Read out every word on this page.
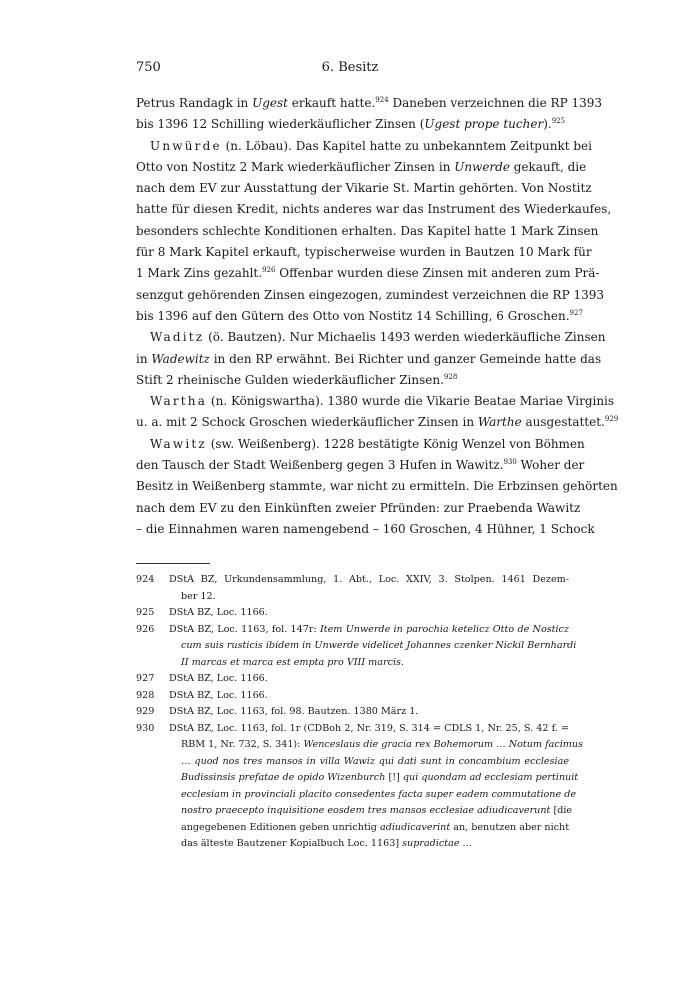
750	6. Besitz
Petrus Randagk in Ugest erkauft hatte.$^{924}$ Daneben verzeichnen die RP 1393
bis 1396 12 Schilling wiederkäuflicher Zinsen (Ugest prope tucher).$^{925}$
Unwürde (n. Löbau). Das Kapitel hatte zu unbekanntem Zeitpunkt bei
Otto von Nostitz 2 Mark wiederkäuflicher Zinsen in Unwerde gekauft, die
nach dem EV zur Ausstattung der Vikarie St. Martin gehörten. Von Nostitz
hatte für diesen Kredit, nichts anderes war das Instrument des Wiederkaufes,
besonders schlechte Konditionen erhalten. Das Kapitel hatte 1 Mark Zinsen
für 8 Mark Kapitel erkauft, typischerweise wurden in Bautzen 10 Mark für
1 Mark Zins gezahlt.$^{926}$ Offenbar wurden diese Zinsen mit anderen zum Prä-
senzgut gehörenden Zinsen eingezogen, zumindest verzeichnen die RP 1393
bis 1396 auf den Gütern des Otto von Nostitz 14 Schilling, 6 Groschen.$^{927}$
Waditz (ö. Bautzen). Nur Michaelis 1493 werden wiederkäufliche Zinsen
in Wadewitz in den RP erwähnt. Bei Richter und ganzer Gemeinde hatte das
Stift 2 rheinische Gulden wiederkäuflicher Zinsen.$^{928}$
Wartha (n. Königswartha). 1380 wurde die Vikarie Beatae Mariae Virginis
u. a. mit 2 Schock Groschen wiederkäuflicher Zinsen in Warthe ausgestattet.$^{929}$
Wawitz (sw. Weißenberg). 1228 bestätigte König Wenzel von Böhmen
den Tausch der Stadt Weißenberg gegen 3 Hufen in Wawitz.$^{930}$ Woher der
Besitz in Weißenberg stammte, war nicht zu ermitteln. Die Erbzinsen gehörten
nach dem EV zu den Einkünften zweier Pfründen: zur Praebenda Wawitz
– die Einnahmen waren namengebend – 160 Groschen, 4 Hühner, 1 Schock
924 DStA BZ, Urkundensammlung, 1. Abt., Loc. XXIV, 3. Stolpen. 1461 Dezem-
ber 12.
925 DStA BZ, Loc. 1166.
926 DStA BZ, Loc. 1163, fol. 147r: Item Unwerde in parochia ketelicz Otto de Nosticz
cum suis rusticis ibidem in Unwerde videlicet Johannes czenker Nickil Bernhardi
II marcas et marca est empta pro VIII marcis.
927 DStA BZ, Loc. 1166.
928 DStA BZ, Loc. 1166.
929 DStA BZ, Loc. 1163, fol. 98. Bautzen. 1380 März 1.
930 DStA BZ, Loc. 1163, fol. 1r (CDBoh 2, Nr. 319, S. 314 = CDLS 1, Nr. 25, S. 42 f. =
RBM 1, Nr. 732, S. 341): Wenceslaus die gracia rex Bohemorum … Notum facimus
… quod nos tres mansos in villa Wawiz qui dati sunt in concambium ecclesiae
Budissinsis prefatae de opido Wizenburch [!] qui quondam ad ecclesiam pertinuit
ecclesiam in provinciali placito consedentes facta super eadem commutatione de
nostro praecepto inquisitione eosdem tres mansos ecclesiae adiudicaverunt [die
angegebenen Editionen geben unrichtig adiudicaverint an, benutzen aber nicht
das älteste Bautzener Kopialbuch Loc. 1163] supradictae …
